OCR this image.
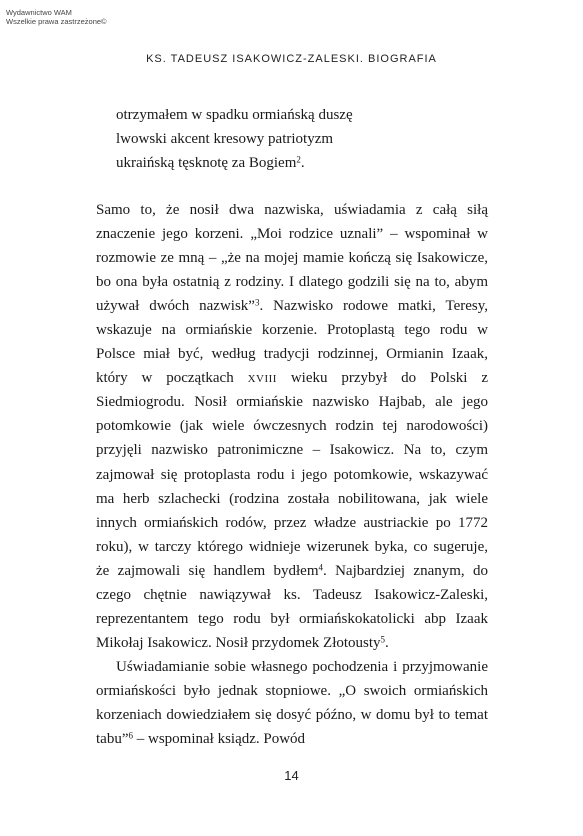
Wydawnictwo WAM
Wszelkie prawa zastrzeżone©
KS. TADEUSZ ISAKOWICZ-ZALESKI. BIOGRAFIA
otrzymałem w spadku ormiańską duszę
lwowski akcent kresowy patriotyzm
ukraińską tęsknotę za Bogiem$^2$.

Samo to, że nosił dwa nazwiska, uświadamia z całą siłą znaczenie jego korzeni. „Moi rodzice uznali” – wspominał w rozmowie ze mną – „że na mojej mamie kończą się Isakowicze, bo ona była ostatnią z rodziny. I dlatego godzili się na to, abym używał dwóch nazwisk”$^3$. Nazwisko rodowe matki, Teresy, wskazuje na ormiańskie korzenie. Protoplastą tego rodu w Polsce miał być, według tradycji rodzinnej, Ormianin Izaak, który w początkach xviii wieku przybył do Polski z Siedmiogrodu. Nosił ormiańskie nazwisko Hajbab, ale jego potomkowie (jak wiele ówczesnych rodzin tej narodowości) przyjęli nazwisko patronimiczne – Isakowicz. Na to, czym zajmował się protoplasta rodu i jego potomkowie, wskazywać ma herb szlachecki (rodzina została nobilitowana, jak wiele innych ormiańskich rodów, przez władze austriackie po 1772 roku), w tarczy którego widnieje wizerunek byka, co sugeruje, że zajmowali się handlem bydłem$^4$. Najbardziej znanym, do czego chętnie nawiązywał ks. Tadeusz Isakowicz-Zaleski, reprezentantem tego rodu był ormiańskokatolicki abp Izaak Mikołaj Isakowicz. Nosił przydomek Złotousty$^5$.

Uświadamianie sobie własnego pochodzenia i przyjmowanie ormiańskości było jednak stopniowe. „O swoich ormiańskich korzeniach dowiedziałem się dosyć późno, w domu był to temat tabu”$^6$ – wspominał ksiądz. Powód

14
